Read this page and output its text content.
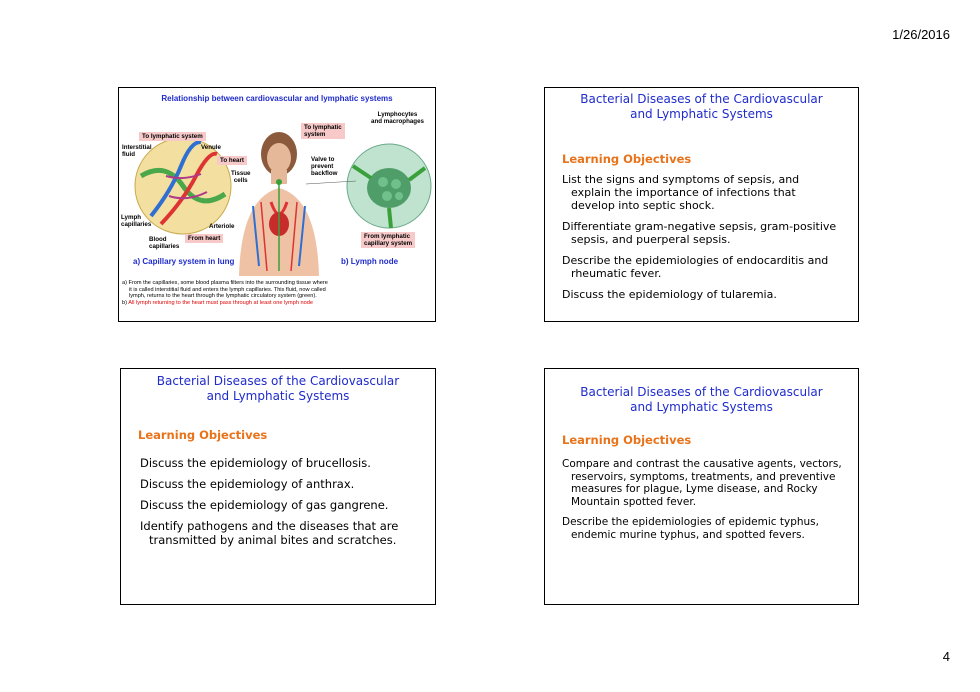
1/26/2016
Relationship between cardiovascular and lymphatic systems
To lymphatic system
Interstitial
fluid
Venule
To heart
Tissue
cells
Lymph
capillaries	Arteriole
Blood
capillaries
From heart
To lymphatic
system
Lymphocytes
and macrophages
Valve to
prevent
backflow
From lymphatic
capillary system
a) Capillary system in lung	b) Lymph node
a) From the capillaries, some blood plasma filters into the surrounding tissue where
it is called interstitial fluid and enters the lymph capillaries. This fluid, now called
lymph, returns to the heart through the lymphatic circulatory system (green).
b) All lymph returning to the heart must pass through at least one lymph node

Bacterial Diseases of the Cardiovascular
and Lymphatic Systems

Learning Objectives
List the signs and symptoms of sepsis, and explain the importance of infections that develop into septic shock.
Differentiate gram-negative sepsis, gram-positive sepsis, and puerperal sepsis.
Describe the epidemiologies of endocarditis and rheumatic fever.
Discuss the epidemiology of tularemia.

Bacterial Diseases of the Cardiovascular
and Lymphatic Systems

Learning Objectives
Discuss the epidemiology of brucellosis.
Discuss the epidemiology of anthrax.
Discuss the epidemiology of gas gangrene.
Identify pathogens and the diseases that are transmitted by animal bites and scratches.

Bacterial Diseases of the Cardiovascular
and Lymphatic Systems

Learning Objectives
Compare and contrast the causative agents, vectors, reservoirs, symptoms, treatments, and preventive measures for plague, Lyme disease, and Rocky Mountain spotted fever.
Describe the epidemiologies of epidemic typhus, endemic murine typhus, and spotted fevers.
4
